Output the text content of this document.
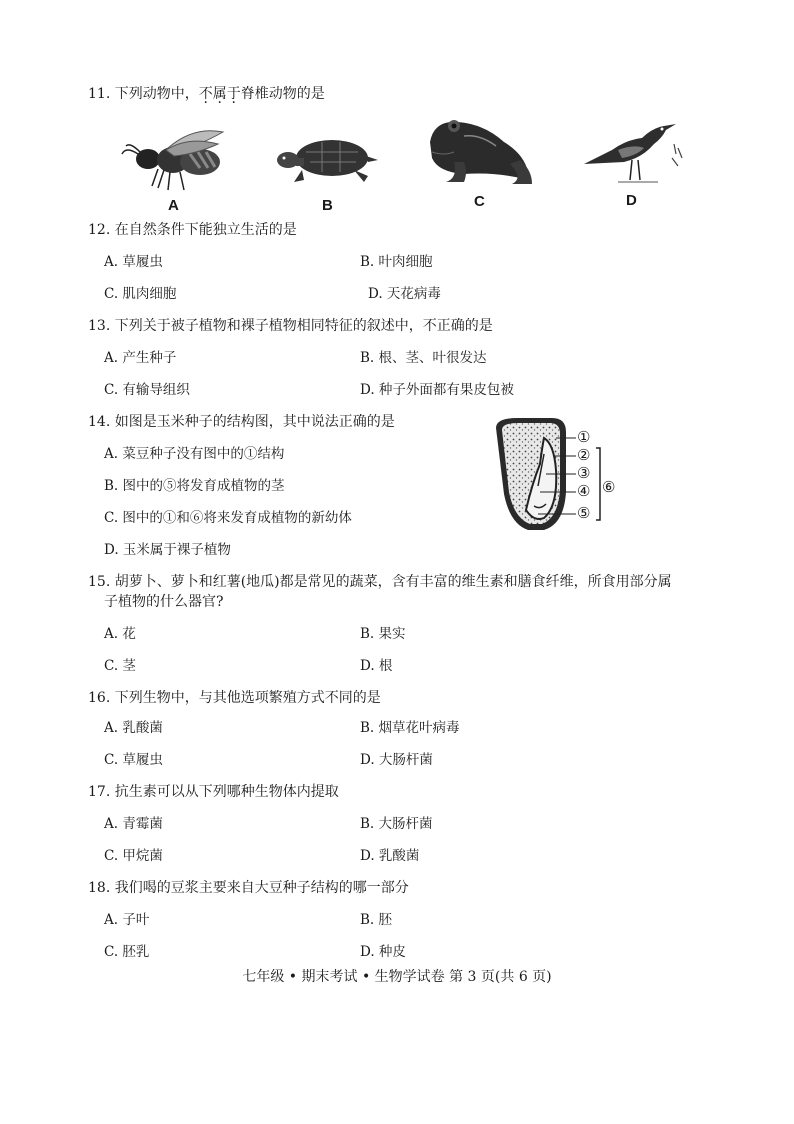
11. 下列动物中，不属于脊椎动物的是
A	B	C	D
12. 在自然条件下能独立生活的是
A. 草履虫	B. 叶肉细胞
C. 肌肉细胞	D. 天花病毒
13. 下列关于被子植物和裸子植物相同特征的叙述中，不正确的是
A. 产生种子	B. 根、茎、叶很发达
C. 有输导组织	D. 种子外面都有果皮包被
14. 如图是玉米种子的结构图，其中说法正确的是
A. 菜豆种子没有图中的①结构
B. 图中的⑤将发育成植物的茎
C. 图中的①和⑥将来发育成植物的新幼体
D. 玉米属于裸子植物
①
②
③
④
⑤
⑥
15. 胡萝卜、萝卜和红薯(地瓜)都是常见的蔬菜，含有丰富的维生素和膳食纤维，所食用部分属
子植物的什么器官?
A. 花	B. 果实
C. 茎	D. 根
16. 下列生物中，与其他选项繁殖方式不同的是
A. 乳酸菌	B. 烟草花叶病毒
C. 草履虫	D. 大肠杆菌
17. 抗生素可以从下列哪种生物体内提取
A. 青霉菌	B. 大肠杆菌
C. 甲烷菌	D. 乳酸菌
18. 我们喝的豆浆主要来自大豆种子结构的哪一部分
A. 子叶	B. 胚
C. 胚乳	D. 种皮
七年级 • 期末考试 • 生物学试卷 第 3 页(共 6 页)
